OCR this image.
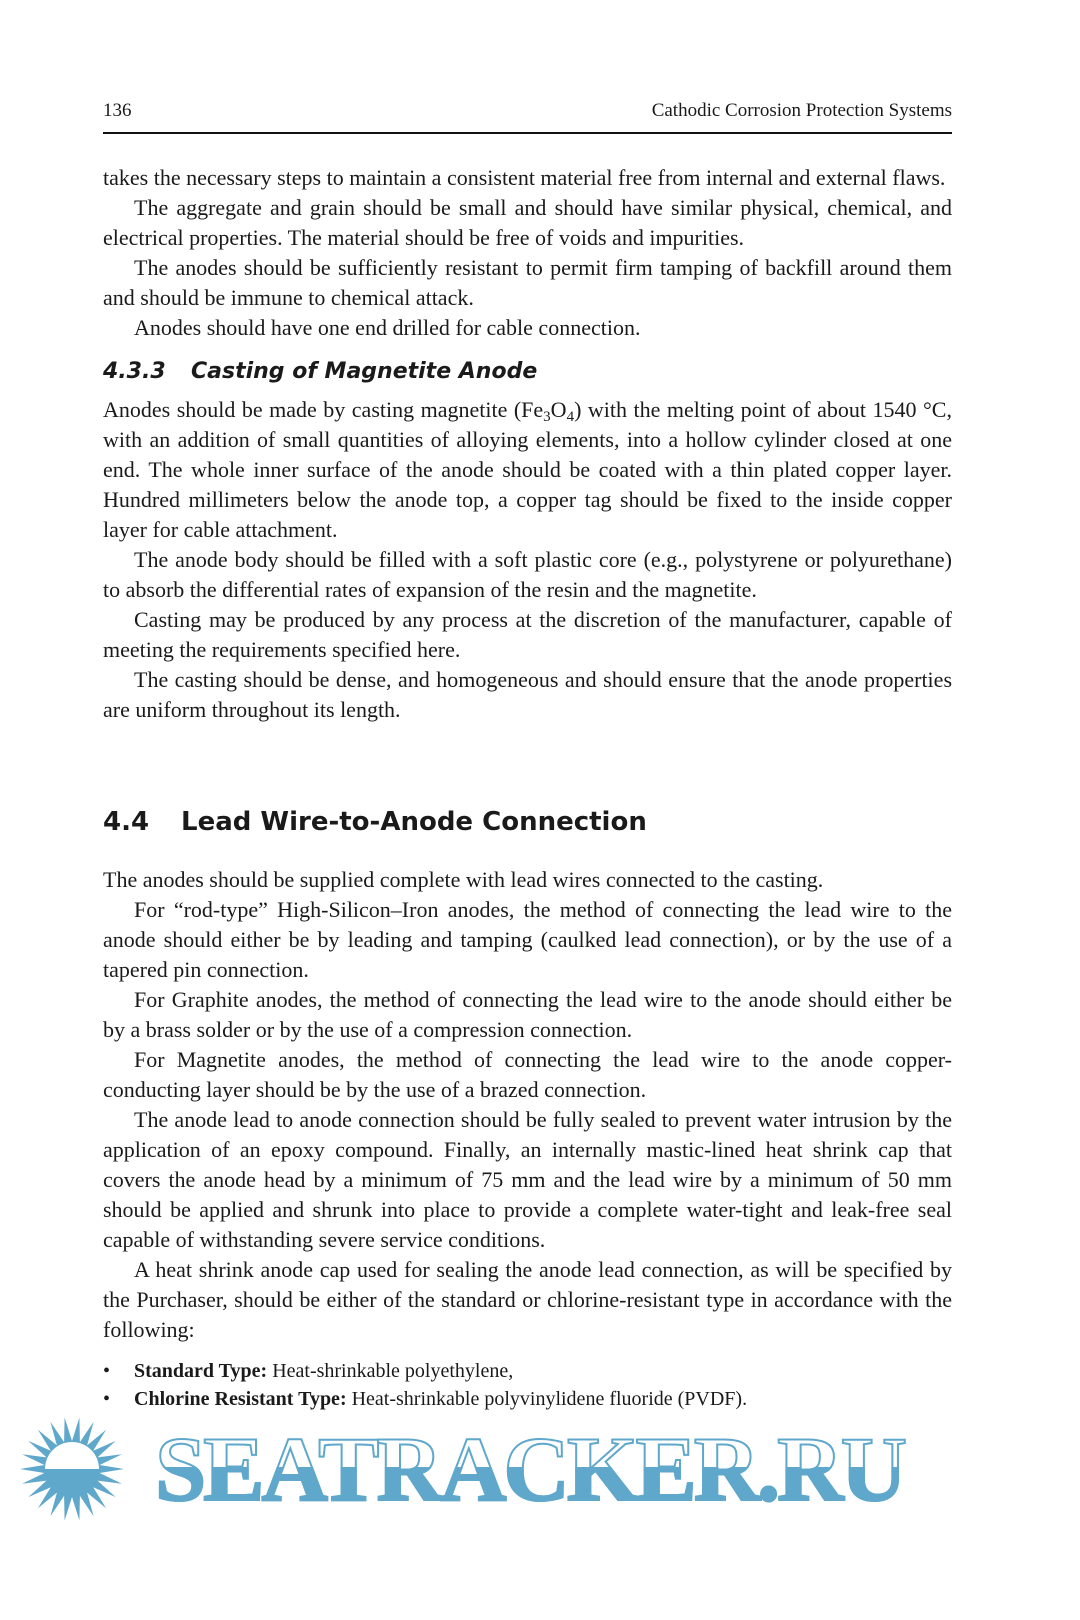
136	Cathodic Corrosion Protection Systems

takes the necessary steps to maintain a consistent material free from internal and external flaws.

The aggregate and grain should be small and should have similar physical, chemical, and electrical properties. The material should be free of voids and impurities.

The anodes should be sufficiently resistant to permit firm tamping of backfill around them and should be immune to chemical attack.

Anodes should have one end drilled for cable connection.

4.3.3 Casting of Magnetite Anode

Anodes should be made by casting magnetite $(Fe_3O_4)$ with the melting point of about 1540 °C, with an addition of small quantities of alloying elements, into a hollow cylinder closed at one end. The whole inner surface of the anode should be coated with a thin plated copper layer. Hundred millimeters below the anode top, a copper tag should be fixed to the inside copper layer for cable attachment.

The anode body should be filled with a soft plastic core (e.g., polystyrene or polyurethane) to absorb the differential rates of expansion of the resin and the magnetite.

Casting may be produced by any process at the discretion of the manufacturer, capable of meeting the requirements specified here.

The casting should be dense, and homogeneous and should ensure that the anode properties are uniform throughout its length.

4.4 Lead Wire-to-Anode Connection

The anodes should be supplied complete with lead wires connected to the casting.

For “rod-type” High-Silicon–Iron anodes, the method of connecting the lead wire to the anode should either be by leading and tamping (caulked lead connection), or by the use of a tapered pin connection.

For Graphite anodes, the method of connecting the lead wire to the anode should either be by a brass solder or by the use of a compression connection.

For Magnetite anodes, the method of connecting the lead wire to the anode copper-conducting layer should be by the use of a brazed connection.

The anode lead to anode connection should be fully sealed to prevent water intrusion by the application of an epoxy compound. Finally, an internally mastic-lined heat shrink cap that covers the anode head by a minimum of 75 mm and the lead wire by a minimum of 50 mm should be applied and shrunk into place to provide a complete water-tight and leak-free seal capable of withstanding severe service conditions.

A heat shrink anode cap used for sealing the anode lead connection, as will be specified by the Purchaser, should be either of the standard or chlorine-resistant type in accordance with the following:

•	Standard Type: Heat-shrinkable polyethylene,
•	Chlorine Resistant Type: Heat-shrinkable polyvinylidene fluoride (PVDF).
SEATRACKER.RU
